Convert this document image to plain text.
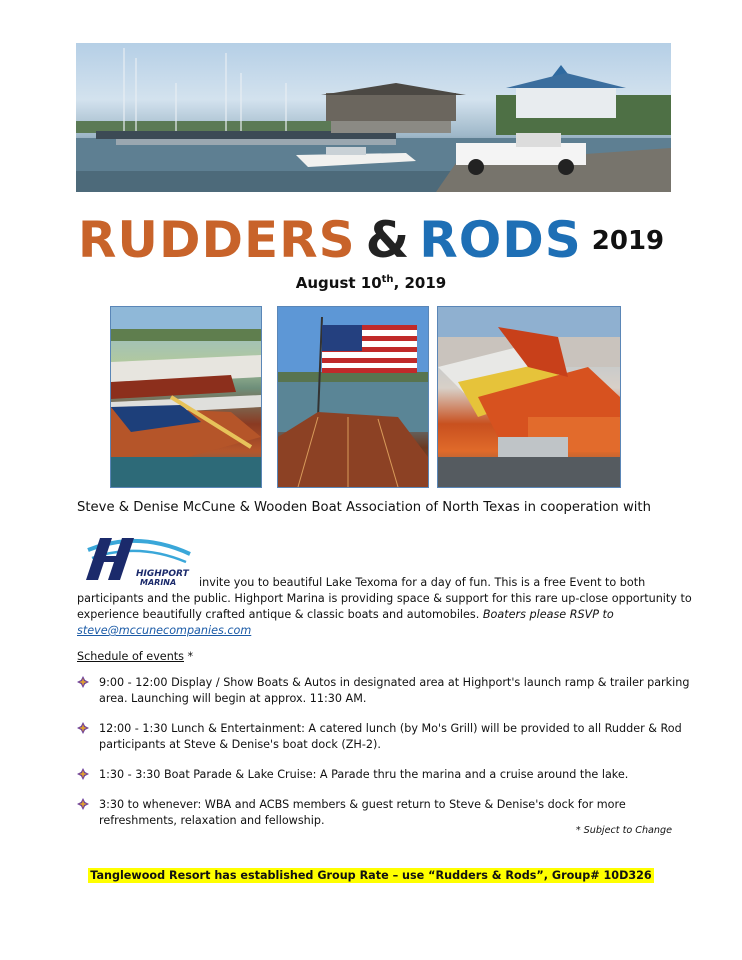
RUDDERS & RODS 2019
August 10th, 2019
Steve & Denise McCune & Wooden Boat Association of North Texas in cooperation with
HIGHPORT
MARINA invite you to beautiful Lake Texoma for a day of fun. This is a free Event to both
participants and the public. Highport Marina is providing space & support for this rare up-close opportunity to experience beautifully crafted antique & classic boats and automobiles. Boaters please RSVP to steve@mccunecompanies.com
Schedule of events *
9:00 - 12:00 Display / Show Boats & Autos in designated area at Highport's launch ramp & trailer parking area. Launching will begin at approx. 11:30 AM.
12:00 - 1:30 Lunch & Entertainment: A catered lunch (by Mo's Grill) will be provided to all Rudder & Rod participants at Steve & Denise's boat dock (ZH-2).
1:30 - 3:30 Boat Parade & Lake Cruise: A Parade thru the marina and a cruise around the lake.
3:30 to whenever: WBA and ACBS members & guest return to Steve & Denise's dock for more refreshments, relaxation and fellowship.
* Subject to Change
Tanglewood Resort has established Group Rate – use “Rudders & Rods”, Group# 10D326
